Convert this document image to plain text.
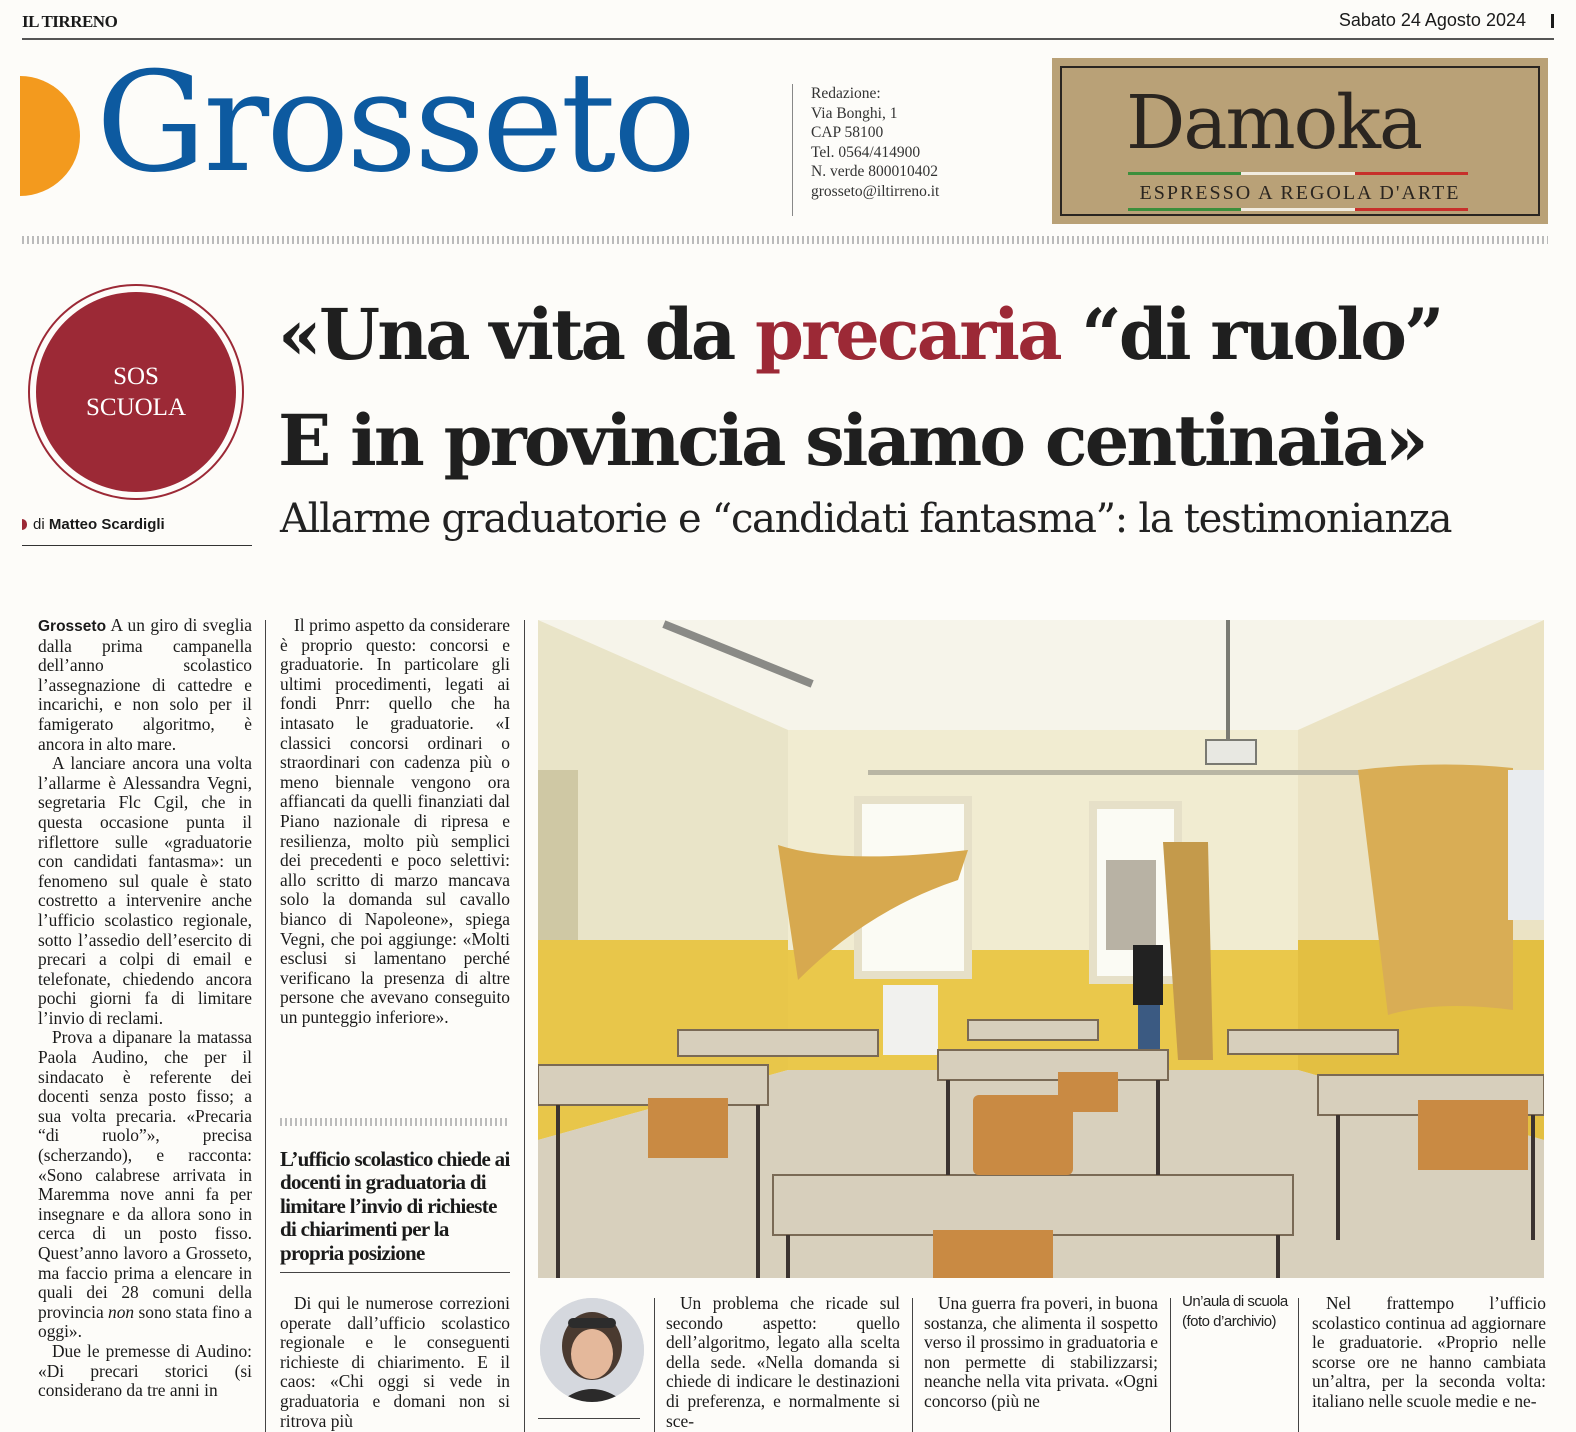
IL TIRRENO	Sabato 24 Agosto 2024
Grosseto	Redazione:
Via Bonghi, 1
CAP 58100
Tel. 0564/414900
N. verde 800010402
grosseto@iltirreno.it
Damoka
ESPRESSO A REGOLA D'ARTE
SOS
SCUOLA
di Matteo Scardigli
«Una vita da precaria “di ruolo”
E in provincia siamo centinaia»
Allarme graduatorie e “candidati fantasma”: la testimonianza

Grosseto A un giro di sveglia dalla prima campanella dell’anno scolastico l’assegnazione di cattedre e incarichi, e non solo per il famigerato algoritmo, è ancora in alto mare.

A lanciare ancora una volta l’allarme è Alessandra Vegni, segretaria Flc Cgil, che in questa occasione punta il riflettore sulle «graduatorie con candidati fantasma»: un fenomeno sul quale è stato costretto a intervenire anche l’ufficio scolastico regionale, sotto l’assedio dell’esercito di precari a colpi di email e telefonate, chiedendo ancora pochi giorni fa di limitare l’invio di reclami.

Prova a dipanare la matassa Paola Audino, che per il sindacato è referente dei docenti senza posto fisso; a sua volta precaria. «Precaria “di ruolo”», precisa (scherzando), e racconta: «Sono calabrese arrivata in Maremma nove anni fa per insegnare e da allora sono in cerca di un posto fisso. Quest’anno lavoro a Grosseto, ma faccio prima a elencare in quali dei 28 comuni della provincia non sono stata fino a oggi».

Due le premesse di Audino: «Di precari storici (si considerano da tre anni in

Il primo aspetto da considerare è proprio questo: concorsi e graduatorie. In particolare gli ultimi procedimenti, legati ai fondi Pnrr: quello che ha intasato le graduatorie. «I classici concorsi ordinari o straordinari con cadenza più o meno biennale vengono ora affiancati da quelli finanziati dal Piano nazionale di ripresa e resilienza, molto più semplici dei precedenti e poco selettivi: allo scritto di marzo mancava solo la domanda sul cavallo bianco di Napoleone», spiega Vegni, che poi aggiunge: «Molti esclusi si lamentano perché verificano la presenza di altre persone che avevano conseguito un punteggio inferiore».

L’ufficio scolastico chiede ai docenti in graduatoria di limitare l’invio di richieste di chiarimenti per la propria posizione

Di qui le numerose correzioni operate dall’ufficio scolastico regionale e le conseguenti richieste di chiarimento. E il caos: «Chi oggi si vede in graduatoria e domani non si ritrova più

Un problema che ricade sul secondo aspetto: quello dell’algoritmo, legato alla scelta della sede. «Nella domanda si chiede di indicare le destinazioni di preferenza, e normalmente si sce-

Una guerra fra poveri, in buona sostanza, che alimenta il sospetto verso il prossimo in graduatoria e non permette di stabilizzarsi; neanche nella vita privata. «Ogni concorso (più ne

Un’aula di scuola (foto d’archivio)

Nel frattempo l’ufficio scolastico continua ad aggiornare le graduatorie. «Proprio nelle scorse ore ne hanno cambiata un’altra, per la seconda volta: italiano nelle scuole medie e ne-
